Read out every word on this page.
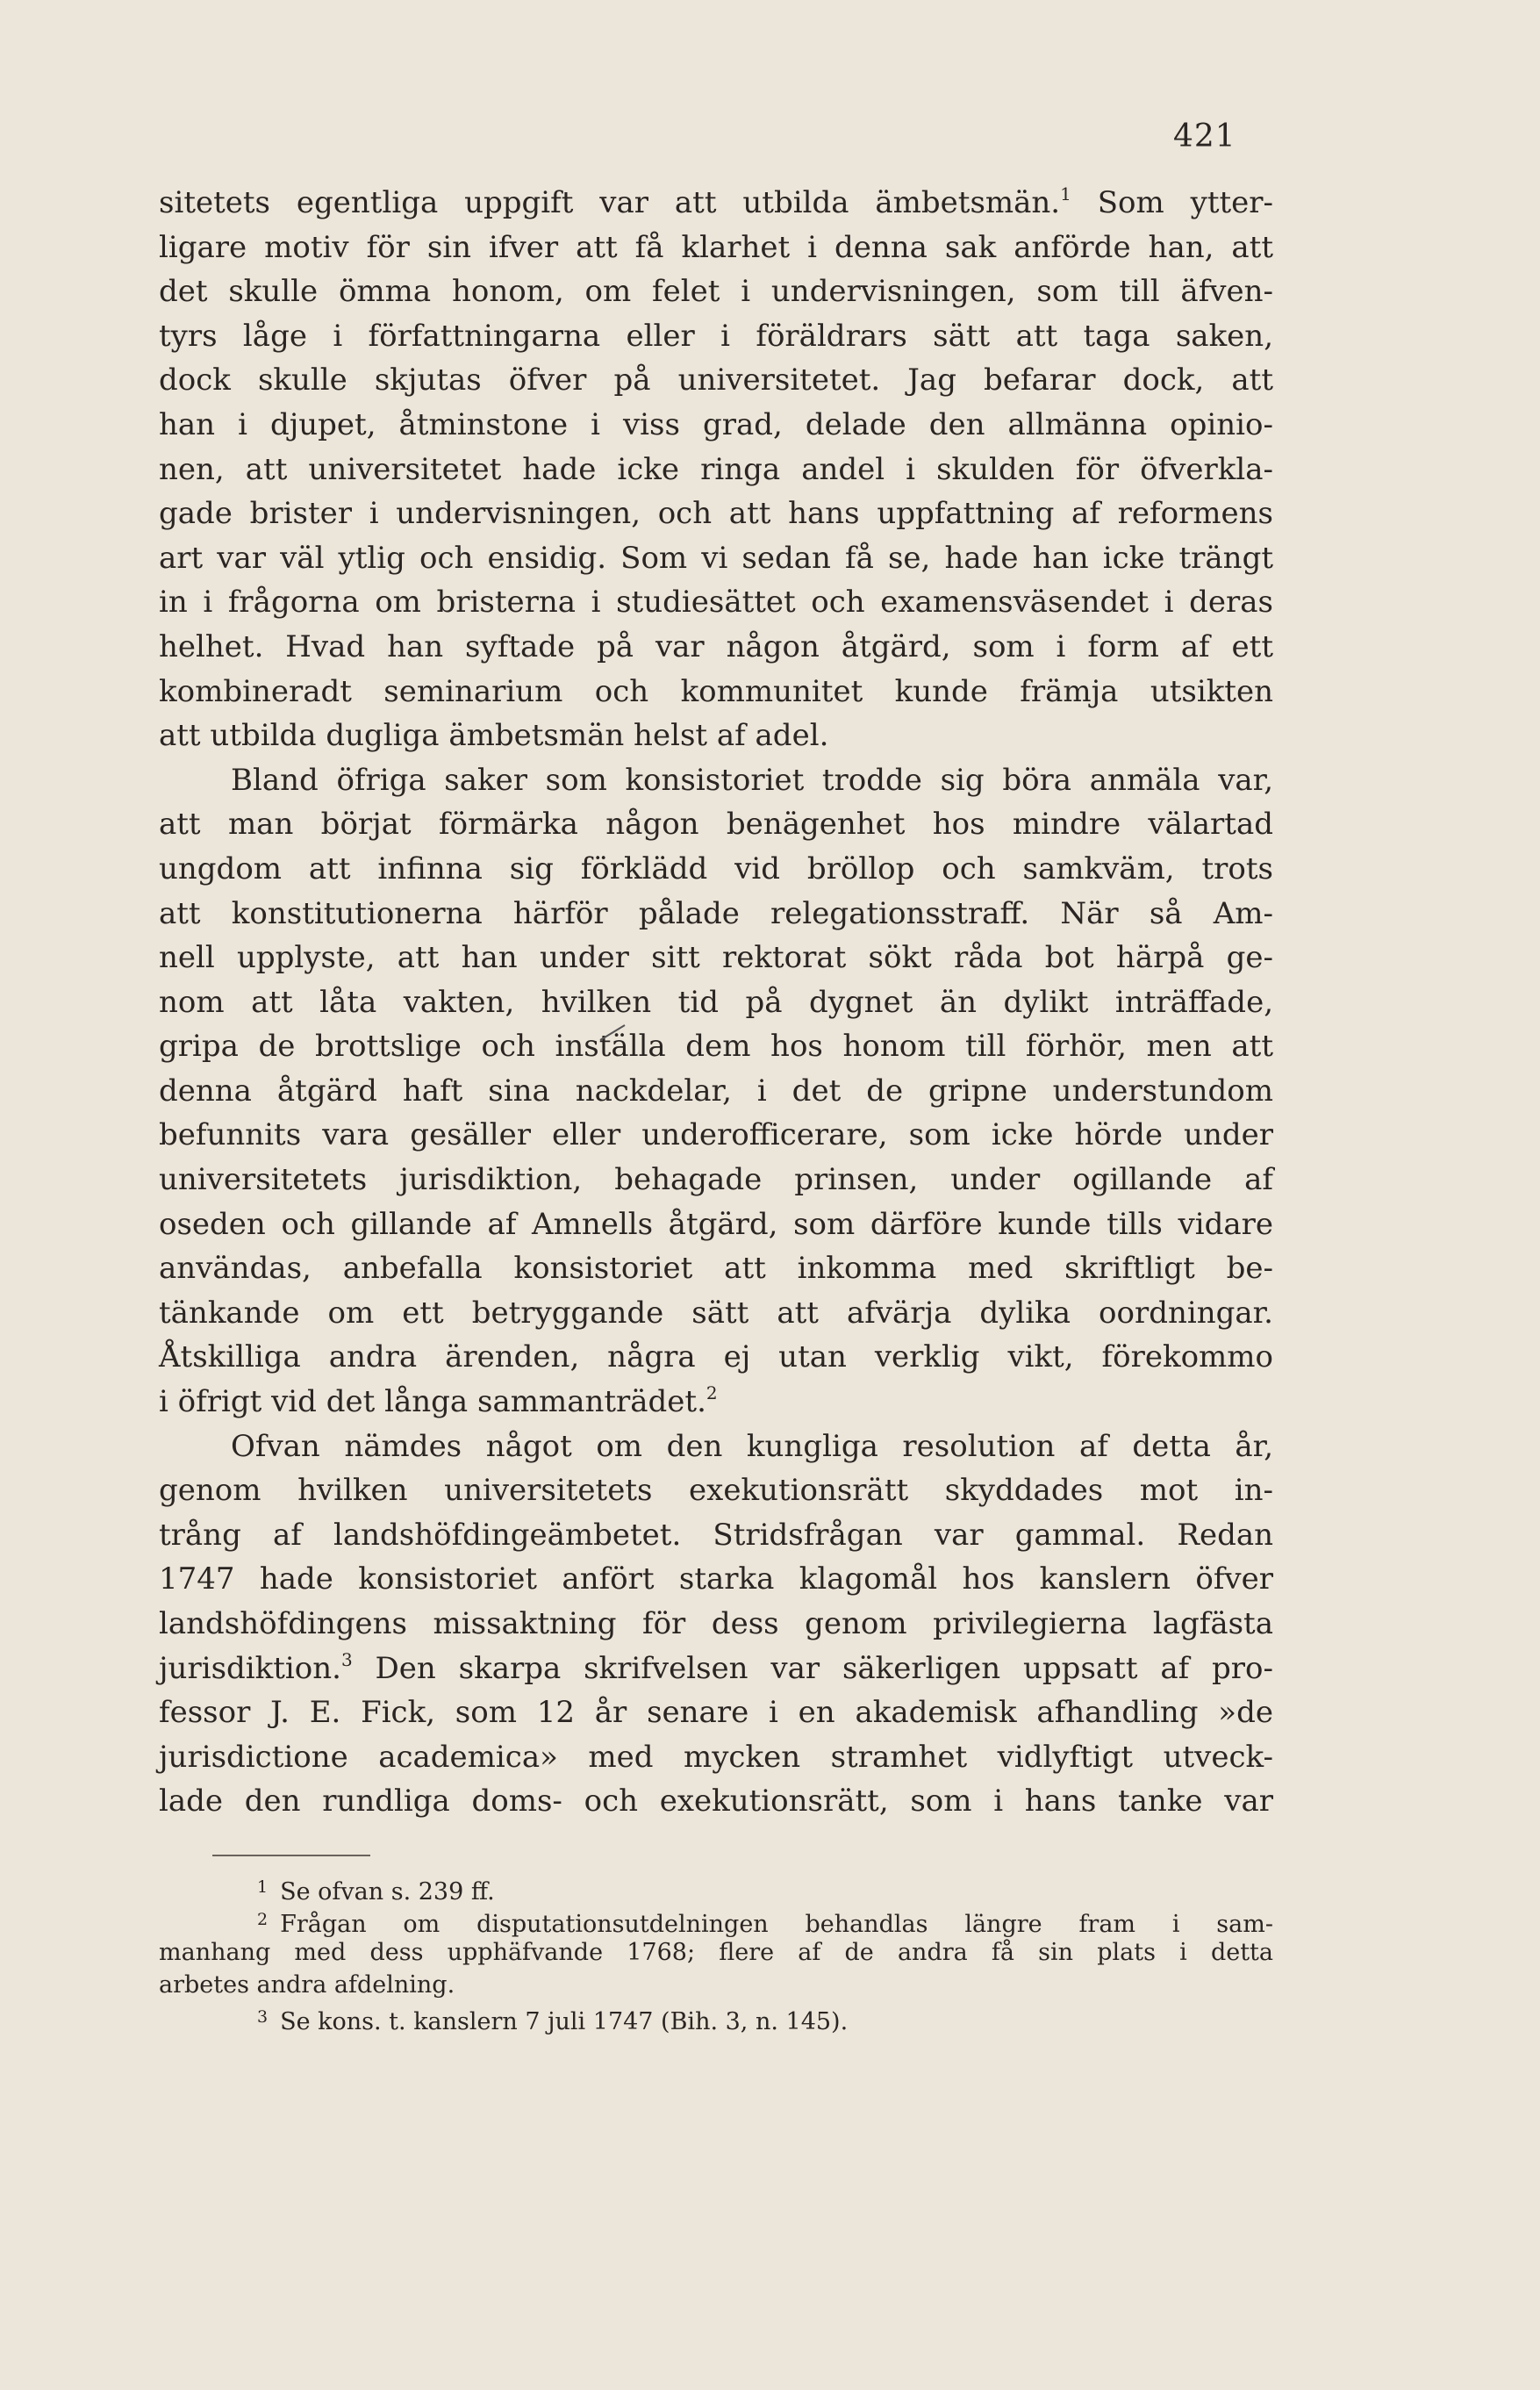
421
sitetets egentliga uppgift var att utbilda ämbetsmän.$^1$ Som ytter-
ligare motiv för sin ifver att få klarhet i denna sak anförde han, att
det skulle ömma honom, om felet i undervisningen, som till äfven-
tyrs låge i författningarna eller i föräldrars sätt att taga saken,
dock skulle skjutas öfver på universitetet. Jag befarar dock, att
han i djupet, åtminstone i viss grad, delade den allmänna opinio-
nen, att universitetet hade icke ringa andel i skulden för öfverkla-
gade brister i undervisningen, och att hans uppfattning af reformens
art var väl ytlig och ensidig. Som vi sedan få se, hade han icke trängt
in i frågorna om bristerna i studiesättet och examensväsendet i deras
helhet. Hvad han syftade på var någon åtgärd, som i form af ett
kombineradt seminarium och kommunitet kunde främja utsikten
att utbilda dugliga ämbetsmän helst af adel.
Bland öfriga saker som konsistoriet trodde sig böra anmäla var,
att man börjat förmärka någon benägenhet hos mindre välartad
ungdom att infinna sig förklädd vid bröllop och samkväm, trots
att konstitutionerna härför pålade relegationsstraff. När så Am-
nell upplyste, att han under sitt rektorat sökt råda bot härpå ge-
nom att låta vakten, hvilken tid på dygnet än dylikt inträffade,
gripa de brottslige och inställa dem hos honom till förhör, men att
denna åtgärd haft sina nackdelar, i det de gripne understundom
befunnits vara gesäller eller underofficerare, som icke hörde under
universitetets jurisdiktion, behagade prinsen, under ogillande af
oseden och gillande af Amnells åtgärd, som därföre kunde tills vidare
användas, anbefalla konsistoriet att inkomma med skriftligt be-
tänkande om ett betryggande sätt att afvärja dylika oordningar.
Åtskilliga andra ärenden, några ej utan verklig vikt, förekommo
i öfrigt vid det långa sammanträdet.$^2$
Ofvan nämdes något om den kungliga resolution af detta år,
genom hvilken universitetets exekutionsrätt skyddades mot in-
trång af landshöfdingeämbetet. Stridsfrågan var gammal. Redan
1747 hade konsistoriet anfört starka klagomål hos kanslern öfver
landshöfdingens missaktning för dess genom privilegierna lagfästa
jurisdiktion.$^3$ Den skarpa skrifvelsen var säkerligen uppsatt af pro-
fessor J. E. Fick, som 12 år senare i en akademisk afhandling »de
jurisdictione academica» med mycken stramhet vidlyftigt utveck-
lade den rundliga doms- och exekutionsrätt, som i hans tanke var
$^1$ Se ofvan s. 239 ff.
$^2$ Frågan om disputationsutdelningen behandlas längre fram i sam-
manhang med dess upphäfvande 1768; flere af de andra få sin plats i detta
arbetes andra afdelning.
$^3$ Se kons. t. kanslern 7 juli 1747 (Bih. 3, n. 145).
